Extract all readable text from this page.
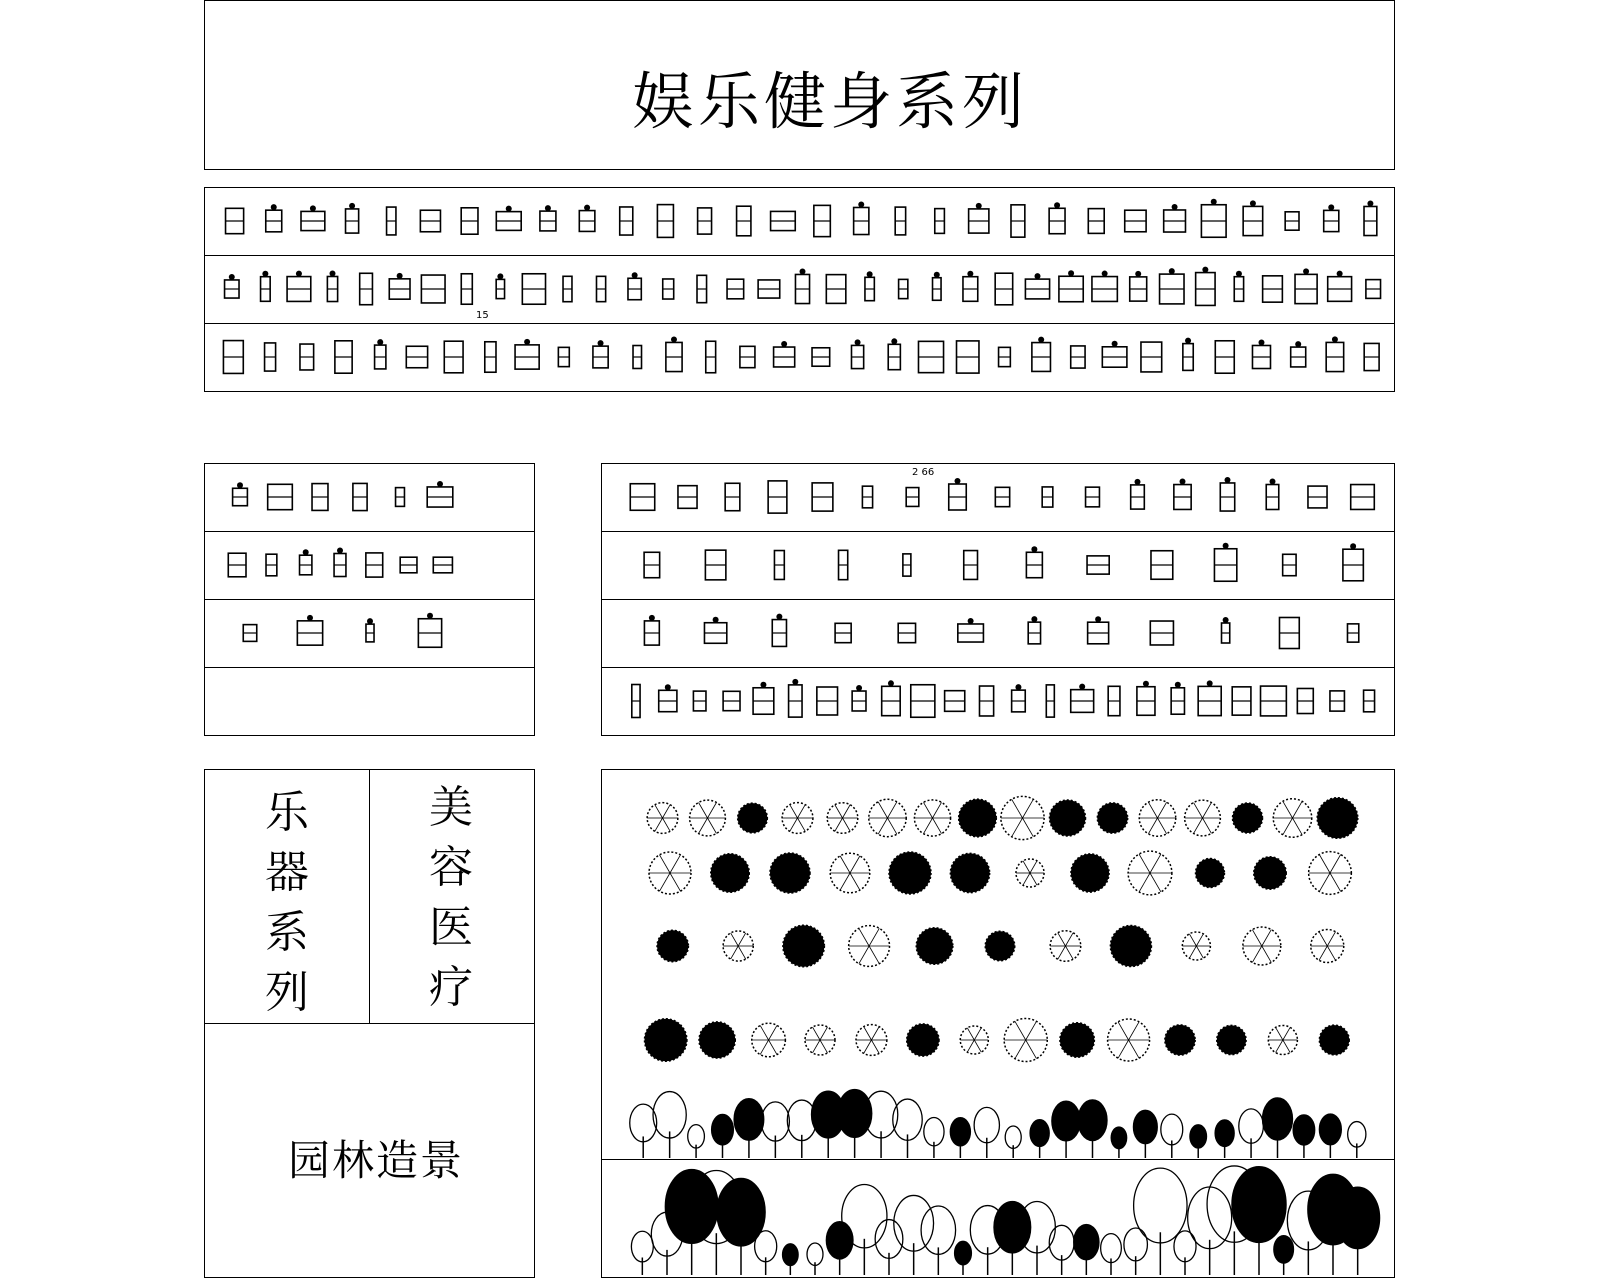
娱乐健身系列
15
2 66
乐
器
系
列
美
容
医
疗
园林造景
